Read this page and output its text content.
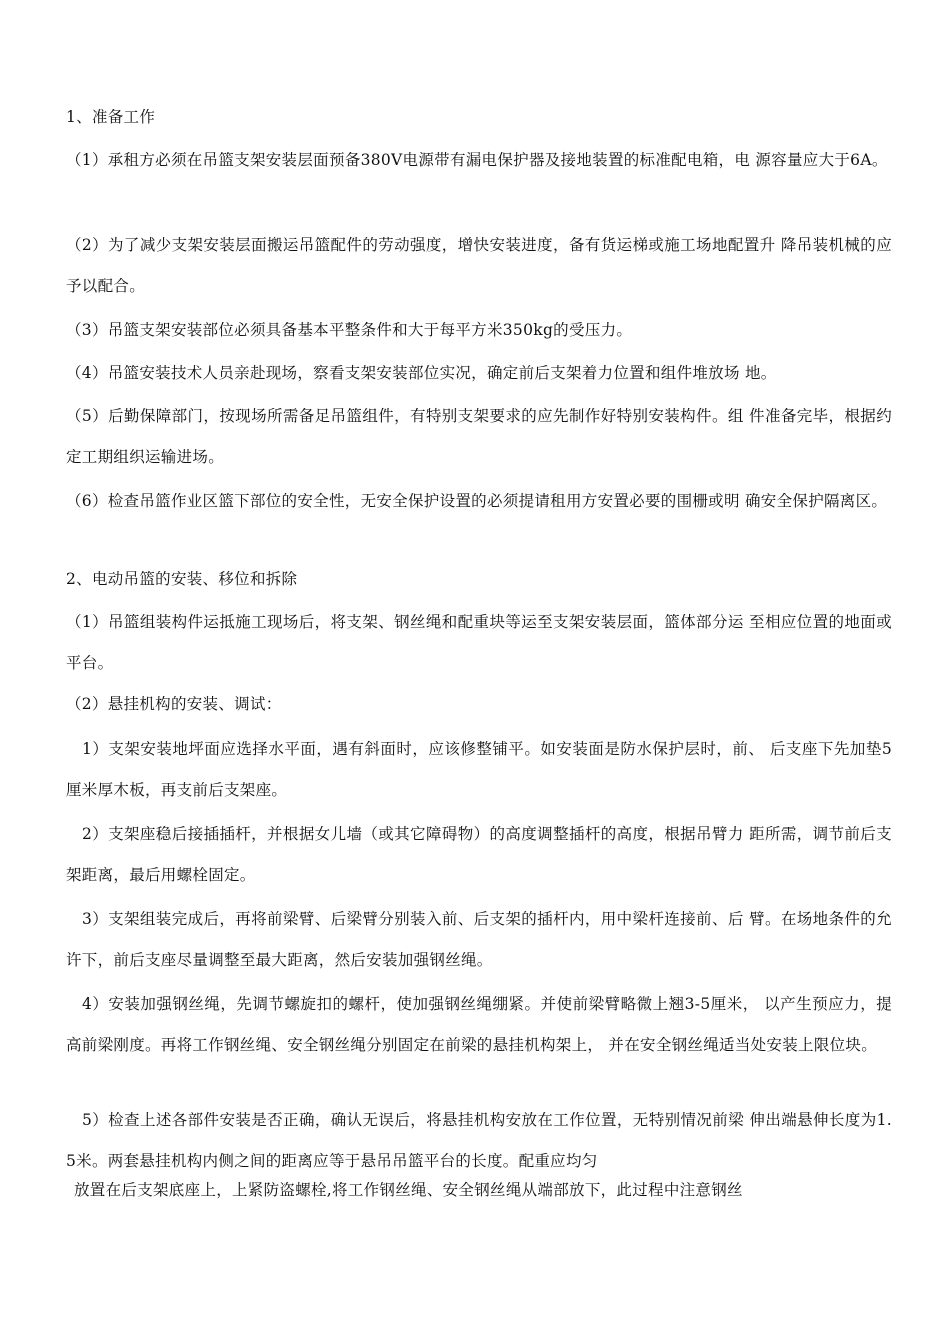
1、准备工作

（1）承租方必须在吊篮支架安装层面预备380V电源带有漏电保护器及接地装置的标准配电箱，电 源容量应大于6A。

（2）为了减少支架安装层面搬运吊篮配件的劳动强度，增快安装进度，备有货运梯或施工场地配置升 降吊装机械的应予以配合。

（3）吊篮支架安装部位必须具备基本平整条件和大于每平方米350kg的受压力。

（4）吊篮安装技术人员亲赴现场，察看支架安装部位实况，确定前后支架着力位置和组件堆放场 地。

（5）后勤保障部门，按现场所需备足吊篮组件，有特别支架要求的应先制作好特别安装构件。组 件准备完毕，根据约定工期组织运输进场。

（6）检查吊篮作业区篮下部位的安全性，无安全保护设置的必须提请租用方安置必要的围栅或明 确安全保护隔离区。

2、电动吊篮的安装、移位和拆除

（1）吊篮组装构件运抵施工现场后，将支架、钢丝绳和配重块等运至支架安装层面，篮体部分运 至相应位置的地面或平台。

（2）悬挂机构的安装、调试：

1）支架安装地坪面应选择水平面，遇有斜面时，应该修整铺平。如安装面是防水保护层时，前、 后支座下先加垫5厘米厚木板，再支前后支架座。

2）支架座稳后接插插杆，并根据女儿墙（或其它障碍物）的高度调整插杆的高度，根据吊臂力 距所需，调节前后支架距离，最后用螺栓固定。

3）支架组装完成后，再将前梁臂、后梁臂分别装入前、后支架的插杆内，用中梁杆连接前、后 臂。在场地条件的允许下，前后支座尽量调整至最大距离，然后安装加强钢丝绳。

4）安装加强钢丝绳，先调节螺旋扣的螺杆，使加强钢丝绳绷紧。并使前梁臂略微上翘3-5厘米， 以产生预应力，提高前梁刚度。再将工作钢丝绳、安全钢丝绳分别固定在前梁的悬挂机构架上， 并在安全钢丝绳适当处安装上限位块。

5）检查上述各部件安装是否正确，确认无误后，将悬挂机构安放在工作位置，无特别情况前梁 伸出端悬伸长度为1.5米。两套悬挂机构内侧之间的距离应等于悬吊吊篮平台的长度。配重应均匀

放置在后支架底座上，上紧防盗螺栓,将工作钢丝绳、安全钢丝绳从端部放下，此过程中注意钢丝
